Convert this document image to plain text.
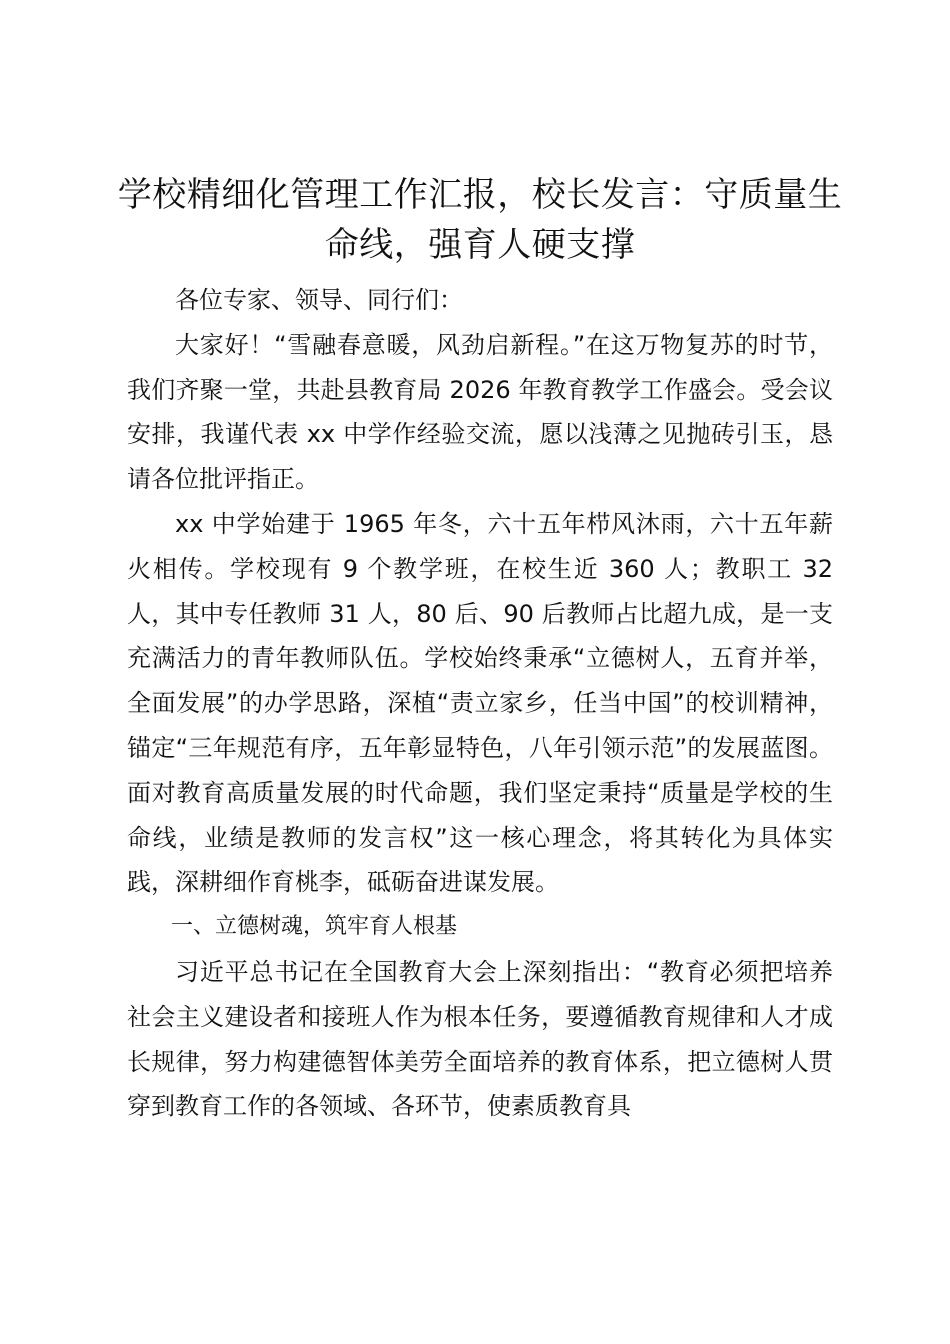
学校精细化管理工作汇报，校长发言：守质量生命线，强育人硬支撑

各位专家、领导、同行们：

大家好！“雪融春意暖，风劲启新程。”在这万物复苏的时节，我们齐聚一堂，共赴县教育局 2026 年教育教学工作盛会。受会议安排，我谨代表 xx 中学作经验交流，愿以浅薄之见抛砖引玉，恳请各位批评指正。

xx 中学始建于 1965 年冬，六十五年栉风沐雨，六十五年薪火相传。学校现有 9 个教学班，在校生近 360 人；教职工 32 人，其中专任教师 31 人，80 后、90 后教师占比超九成，是一支充满活力的青年教师队伍。学校始终秉承“立德树人，五育并举，全面发展”的办学思路，深植“责立家乡，任当中国”的校训精神，锚定“三年规范有序，五年彰显特色，八年引领示范”的发展蓝图。面对教育高质量发展的时代命题，我们坚定秉持“质量是学校的生命线，业绩是教师的发言权”这一核心理念，将其转化为具体实践，深耕细作育桃李，砥砺奋进谋发展。

一、立德树魂，筑牢育人根基

习近平总书记在全国教育大会上深刻指出：“教育必须把培养社会主义建设者和接班人作为根本任务，要遵循教育规律和人才成长规律，努力构建德智体美劳全面培养的教育体系，把立德树人贯穿到教育工作的各领域、各环节，使素质教育具
